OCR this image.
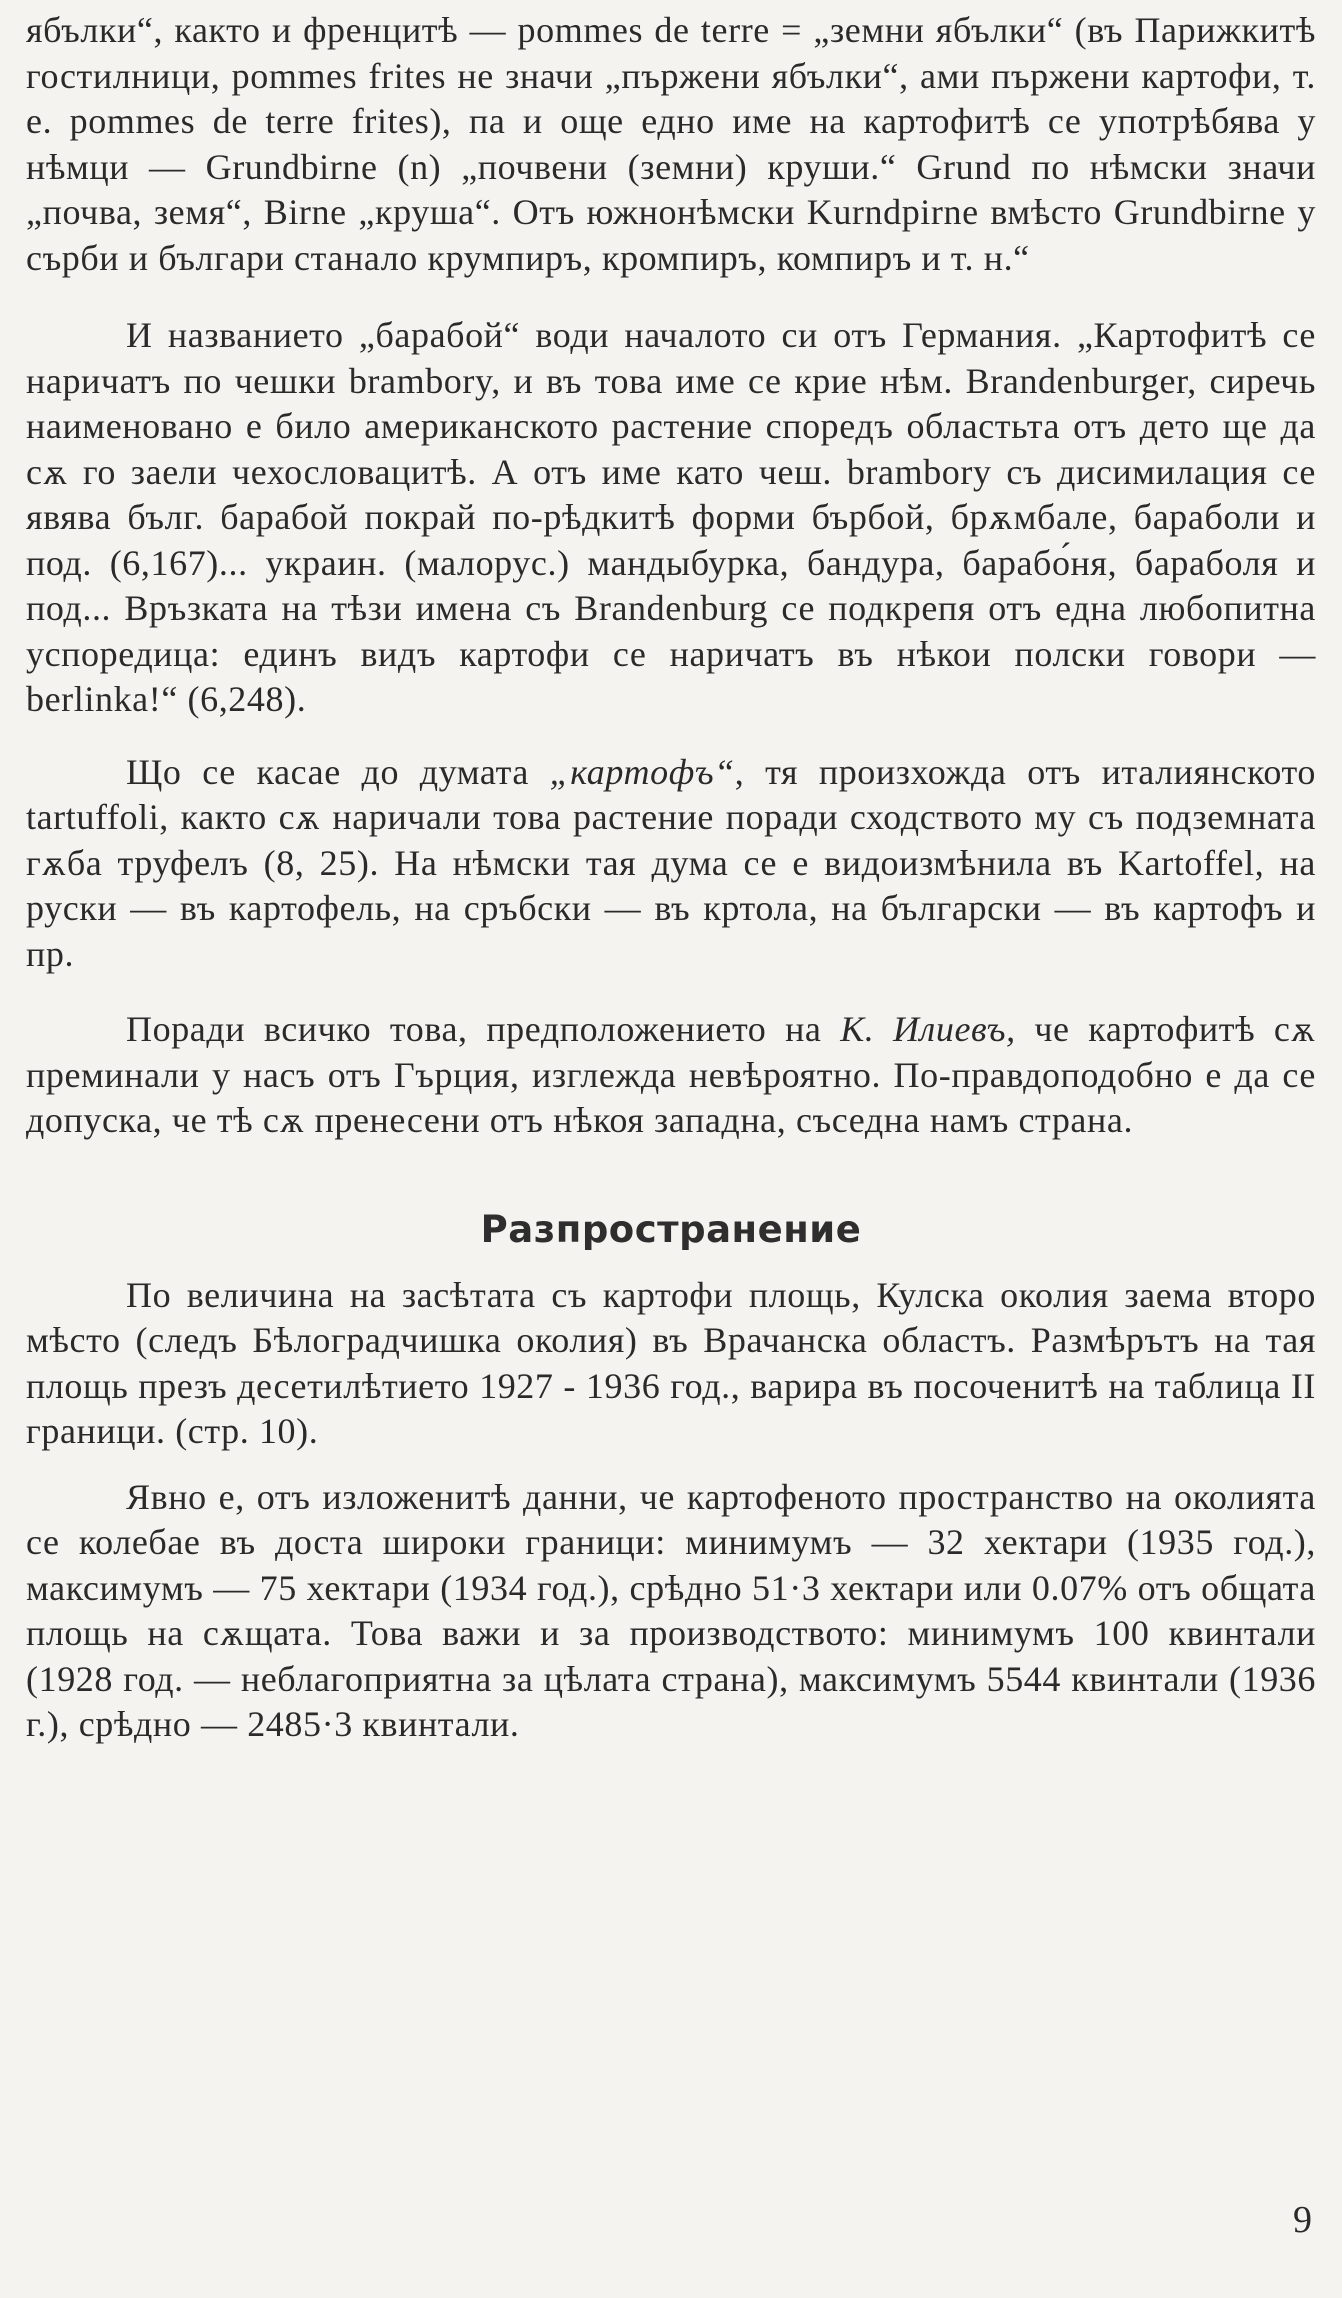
ябълки“, както и френцитѣ — pommes de terre = „земни ябълки“ (въ Парижкитѣ гостилници, pommes frites не значи „пържени ябълки“, ами пържени картофи, т. е. pommes de terre frites), па и още едно име на картофитѣ се употрѣбява у нѣмци — Grundbirne (n) „почвени (земни) круши.“ Grund по нѣмски значи „почва, земя“, Birne „круша“. Отъ южнонѣмски Kurndpirne вмѣсто Grundbirne у сърби и българи станало крумпиръ, кромпиръ, компиръ и т. н.“

И названието „барабой“ води началото си отъ Германия. „Картофитѣ се наричатъ по чешки brambory, и въ това име се крие нѣм. Brandenburger, сиречь наименовано е било американското растение споредъ областьта отъ дето ще да сѫ го заели чехословацитѣ. А отъ име като чеш. brambory съ дисимилация се явява бълг. барабой покрай по-рѣдкитѣ форми бърбой, брѫмбале, бараболи и под. (6,167)... украин. (малорус.) мандыбурка, бандура, барабо́ня, бараболя и под... Връзката на тѣзи имена съ Brandenburg се подкрепя отъ една любопитна успоредица: единъ видъ картофи се наричатъ въ нѣкои полски говори — berlinka!“ (6,248).

Що се касае до думата „картофъ“, тя произхожда отъ италиянското tartuffoli, както сѫ наричали това растение поради сходството му съ подземната гѫба труфелъ (8, 25). На нѣмски тая дума се е видоизмѣнила въ Kartoffel, на руски — въ картофель, на сръбски — въ кртола, на български — въ картофъ и пр.

Поради всичко това, предположението на К. Илиевъ, че картофитѣ сѫ преминали у насъ отъ Гърция, изглежда невѣроятно. По-правдоподобно е да се допуска, че тѣ сѫ пренесени отъ нѣкоя западна, съседна намъ страна.

Разпространение

По величина на засѣтата съ картофи площь, Кулска околия заема второ мѣсто (следъ Бѣлоградчишка околия) въ Врачанска областъ. Размѣрътъ на тая площь презъ десетилѣтието 1927 - 1936 год., варира въ посоченитѣ на таблица II граници. (стр. 10).

Явно е, отъ изложенитѣ данни, че картофеното пространство на околията се колебае въ доста широки граници: минимумъ — 32 хектари (1935 год.), максимумъ — 75 хектари (1934 год.), срѣдно 51·3 хектари или 0.07% отъ общата площь на сѫщата. Това важи и за производството: минимумъ 100 квинтали (1928 год. — неблагоприятна за цѣлата страна), максимумъ 5544 квинтали (1936 г.), срѣдно — 2485·3 квинтали.

9
